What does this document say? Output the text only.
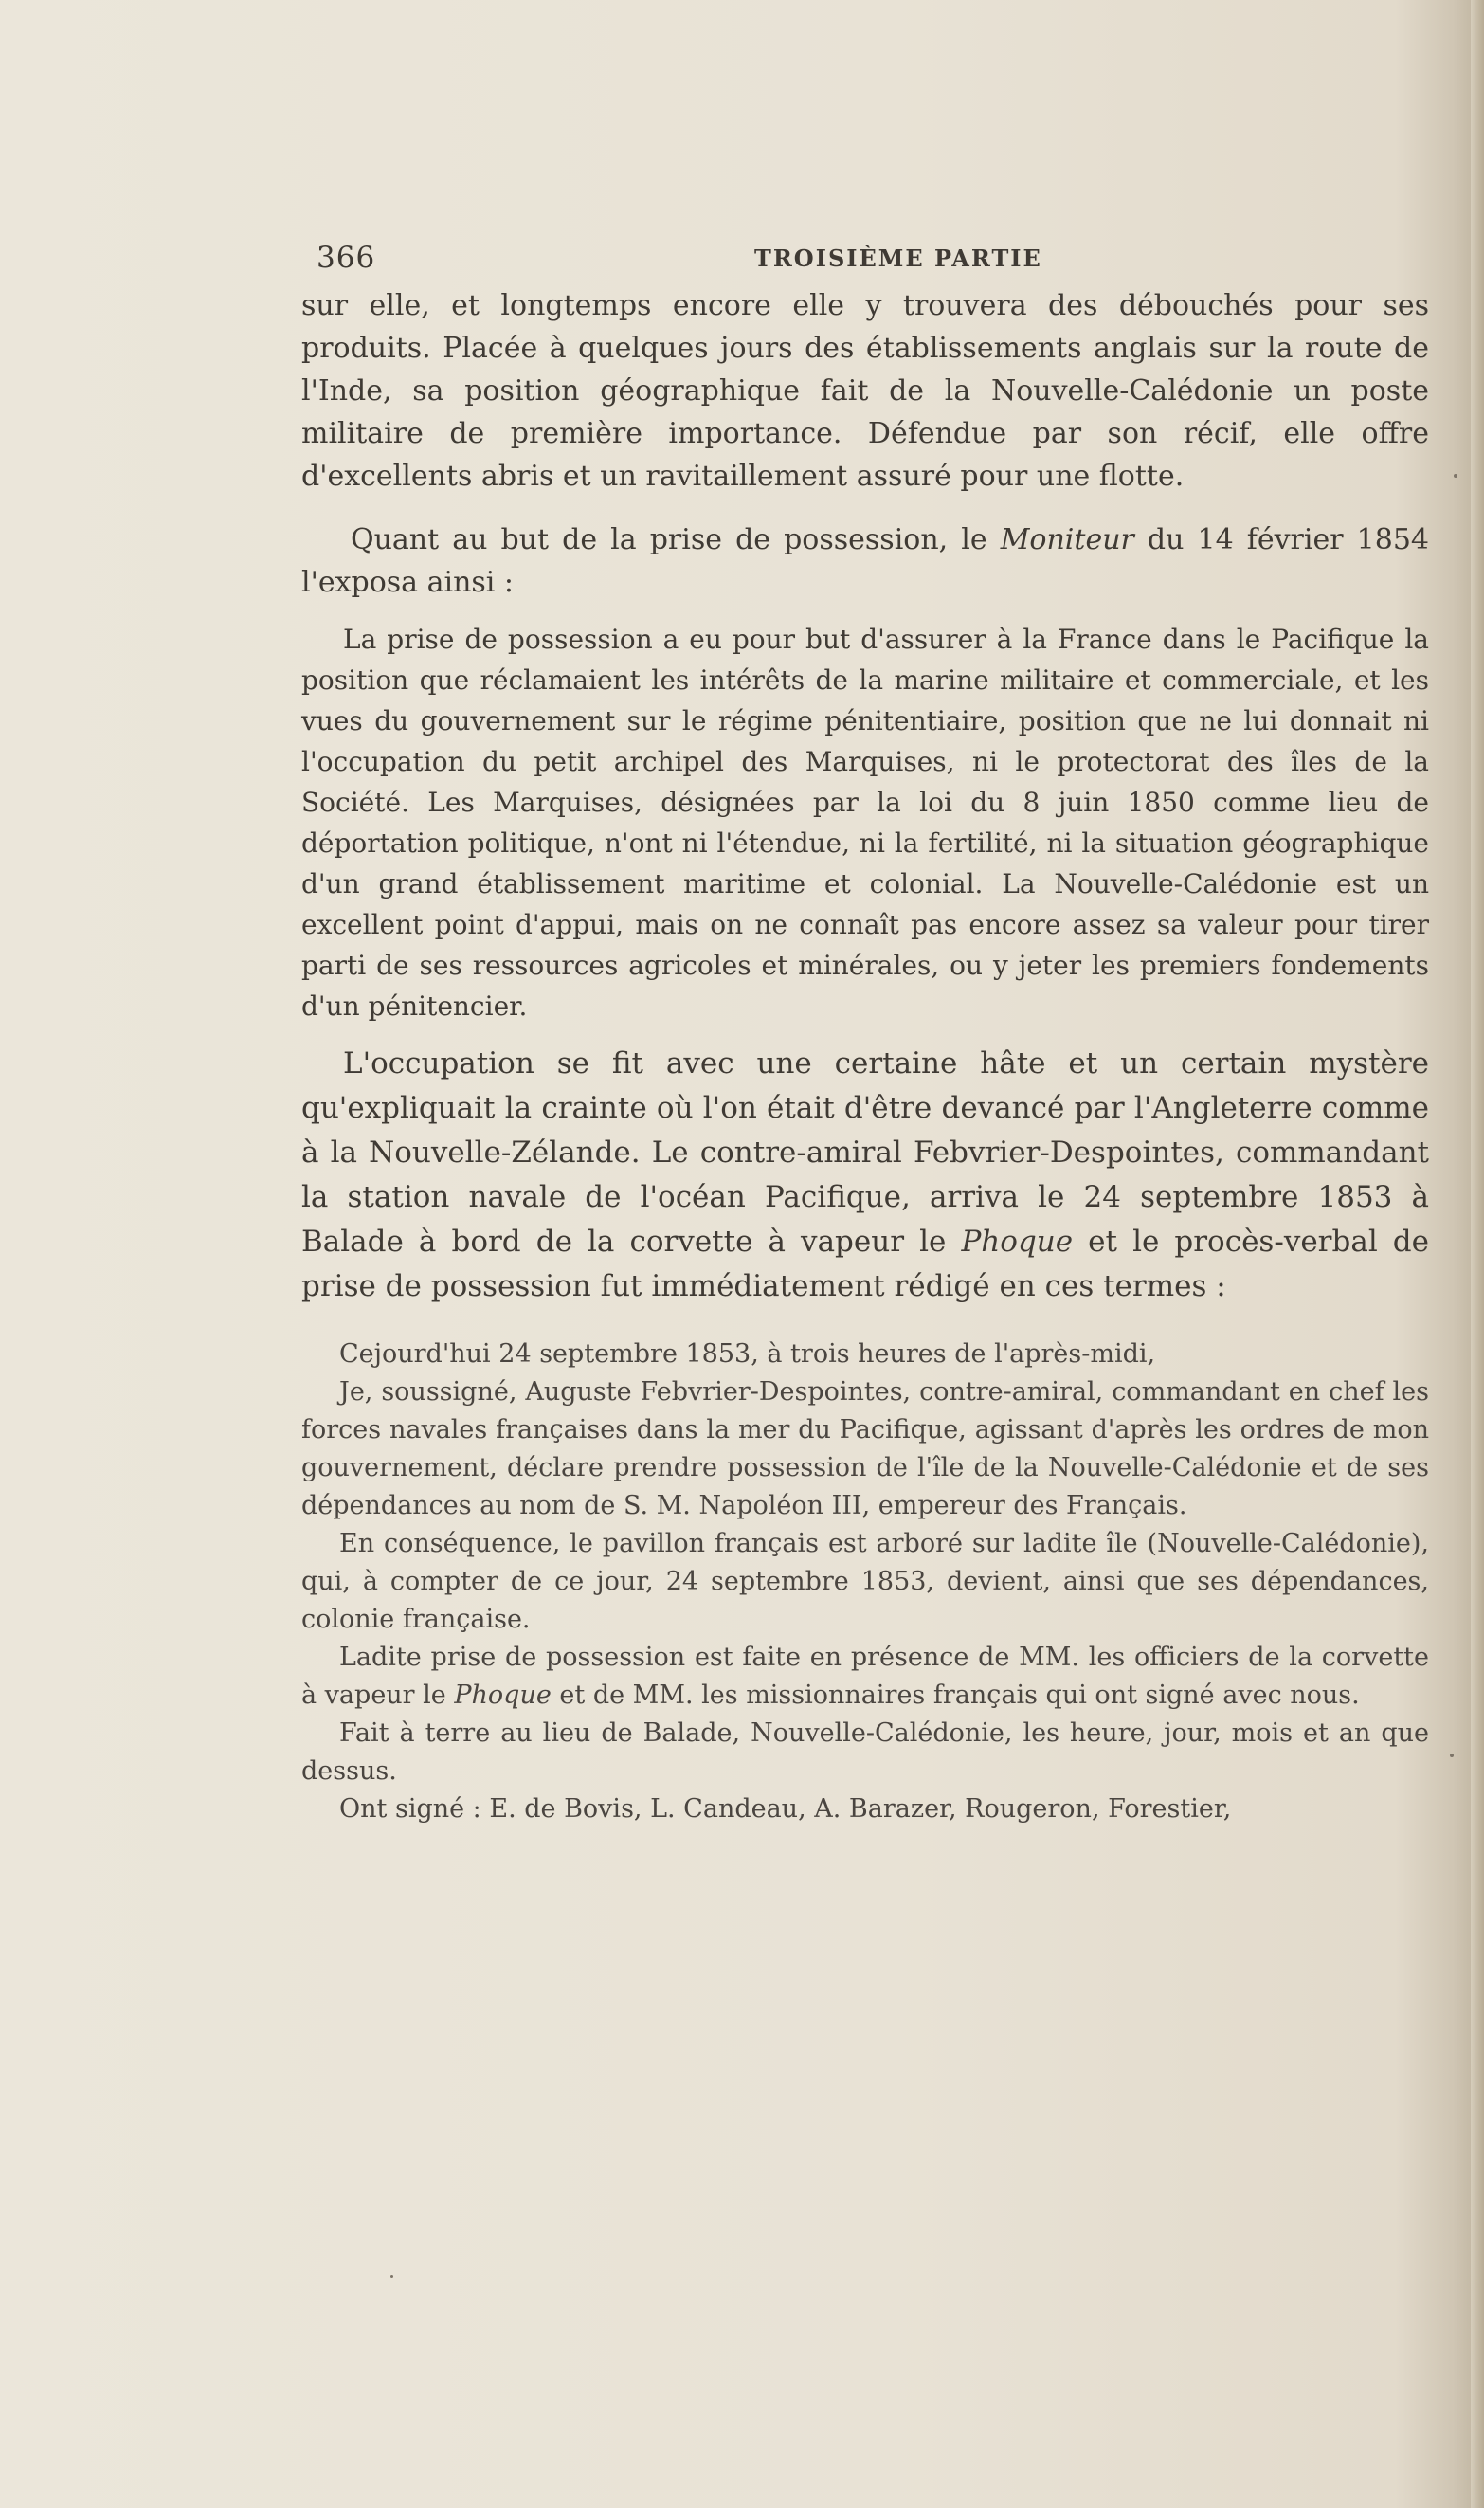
366	TROISIÈME PARTIE

sur elle, et longtemps encore elle y trouvera des débouchés pour ses produits. Placée à quelques jours des établissements anglais sur la route de l'Inde, sa position géographique fait de la Nouvelle-Calédonie un poste militaire de première importance. Défendue par son récif, elle offre d'excellents abris et un ravitaillement assuré pour une flotte.

Quant au but de la prise de possession, le Moniteur du 14 février 1854 l'exposa ainsi :

La prise de possession a eu pour but d'assurer à la France dans le Pacifique la position que réclamaient les intérêts de la marine militaire et commerciale, et les vues du gouvernement sur le régime pénitentiaire, position que ne lui donnait ni l'occupation du petit archipel des Marquises, ni le protectorat des îles de la Société. Les Marquises, désignées par la loi du 8 juin 1850 comme lieu de déportation politique, n'ont ni l'étendue, ni la fertilité, ni la situation géographique d'un grand établissement maritime et colonial. La Nouvelle-Calédonie est un excellent point d'appui, mais on ne connaît pas encore assez sa valeur pour tirer parti de ses ressources agricoles et minérales, ou y jeter les premiers fondements d'un pénitencier.

L'occupation se fit avec une certaine hâte et un certain mystère qu'expliquait la crainte où l'on était d'être devancé par l'Angleterre comme à la Nouvelle-Zélande. Le contre-amiral Febvrier-Despointes, commandant la station navale de l'océan Pacifique, arriva le 24 septembre 1853 à Balade à bord de la corvette à vapeur le Phoque et le procès-verbal de prise de possession fut immédiatement rédigé en ces termes :

Cejourd'hui 24 septembre 1853, à trois heures de l'après-midi,

Je, soussigné, Auguste Febvrier-Despointes, contre-amiral, commandant en chef les forces navales françaises dans la mer du Pacifique, agissant d'après les ordres de mon gouvernement, déclare prendre possession de l'île de la Nouvelle-Calédonie et de ses dépendances au nom de S. M. Napoléon III, empereur des Français.

En conséquence, le pavillon français est arboré sur ladite île (Nouvelle-Calédonie), qui, à compter de ce jour, 24 septembre 1853, devient, ainsi que ses dépendances, colonie française.

Ladite prise de possession est faite en présence de MM. les officiers de la corvette à vapeur le Phoque et de MM. les missionnaires français qui ont signé avec nous.

Fait à terre au lieu de Balade, Nouvelle-Calédonie, les heure, jour, mois et an que dessus.

Ont signé : E. de Bovis, L. Candeau, A. Barazer, Rougeron, Forestier,
